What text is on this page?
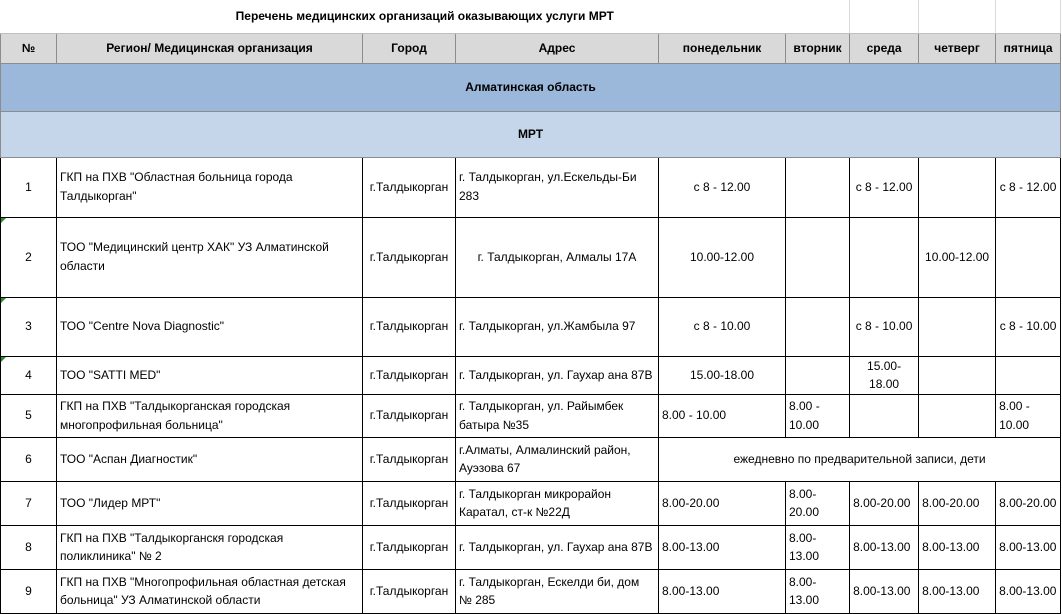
Перечень медицинских организаций оказывающих услуги МРТ								
№	Регион/ Медицинская организация	Город	Адрес	понедельник	вторник	среда	четверг	пятница
Алматинская область								
МРТ								
1	ГКП на ПХВ "Областная больница города Талдыкорган"	г.Талдыкорган	г. Талдыкорган, ул.Ескельды-Би 283	с 8 - 12.00		с 8 - 12.00		с 8 - 12.00
2	ТОО "Медицинский центр ХАК" УЗ Алматинской области	г.Талдыкорган	г. Талдыкорган, Алмалы 17А	10.00-12.00			10.00-12.00	
3	ТОО "Centre Nova Diagnostic"	г.Талдыкорган	г. Талдыкорган, ул.Жамбыла 97	с 8 - 10.00		с 8 - 10.00		с 8 - 10.00
4	ТОО "SATTI MED"	г.Талдыкорган	г. Талдыкорган, ул. Гаухар ана 87В	15.00-18.00		15.00-18.00		
5	ГКП на ПХВ "Талдыкорганская городская многопрофильная больница"	г.Талдыкорган	г. Талдыкорган, ул. Райымбек батыра №35	8.00 - 10.00	8.00 - 10.00			8.00 - 10.00
6	ТОО "Аспан Диагностик"	г.Талдыкорган	г.Алматы, Алмалинский район, Ауэзова 67	ежедневно по предварительной записи, дети				
7	ТОО "Лидер МРТ"	г.Талдыкорган	г. Талдыкорган микрорайон Каратал, ст-к №22Д	8.00-20.00	8.00-20.00	8.00-20.00	8.00-20.00	8.00-20.00
8	ГКП на ПХВ "Талдыкорганскя городская поликлиника" № 2	г.Талдыкорган	г. Талдыкорган, ул. Гаухар ана 87В	8.00-13.00	8.00-13.00	8.00-13.00	8.00-13.00	8.00-13.00
9	ГКП на ПХВ "Многопрофильная областная детская больница" УЗ Алматинской области	г.Талдыкорган	г. Талдыкорган, Ескелди би, дом № 285	8.00-13.00	8.00-13.00	8.00-13.00	8.00-13.00	8.00-13.00
